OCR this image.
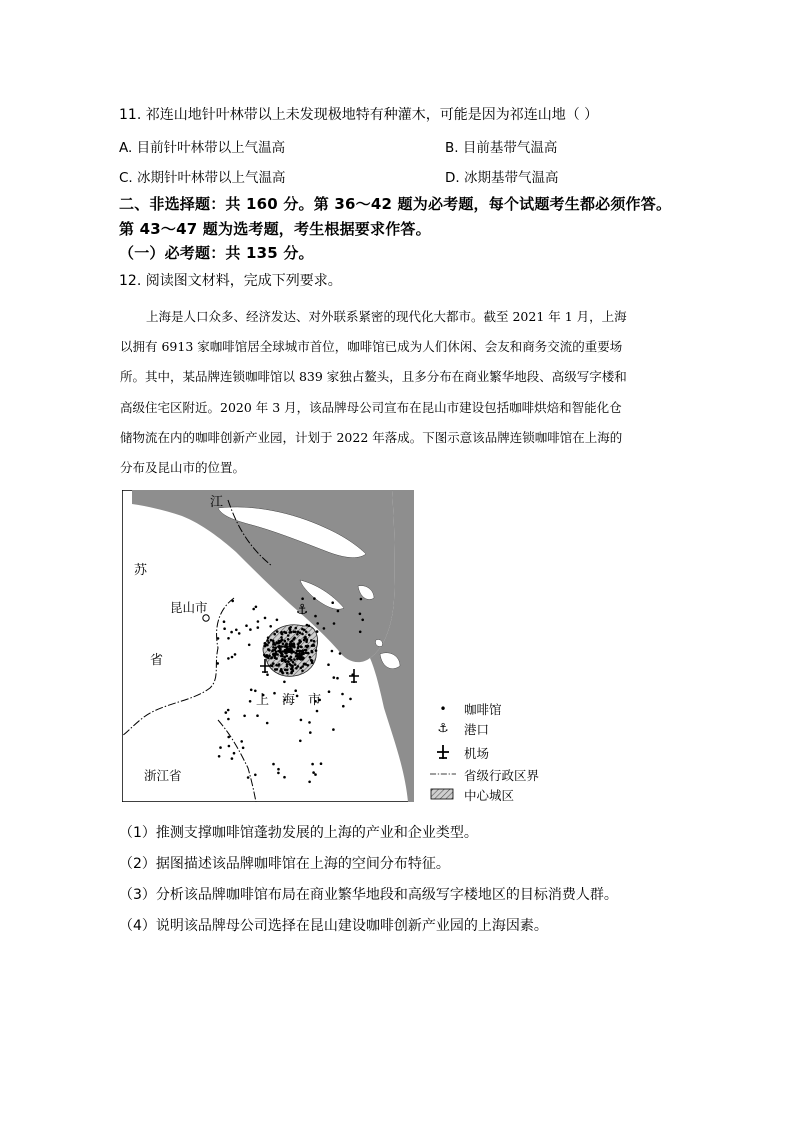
11. 祁连山地针叶林带以上未发现极地特有种灌木，可能是因为祁连山地（ ）
A. 目前针叶林带以上气温高	B. 目前基带气温高
C. 冰期针叶林带以上气温高	D. 冰期基带气温高
二、非选择题：共 160 分。第 36～42 题为必考题，每个试题考生都必须作答。
第 43～47 题为选考题，考生根据要求作答。
（一）必考题：共 135 分。
12. 阅读图文材料，完成下列要求。
上海是人口众多、经济发达、对外联系紧密的现代化大都市。截至 2021 年 1 月，上海
以拥有 6913 家咖啡馆居全球城市首位，咖啡馆已成为人们休闲、会友和商务交流的重要场
所。其中，某品牌连锁咖啡馆以 839 家独占鳌头，且多分布在商业繁华地段、高级写字楼和
高级住宅区附近。2020 年 3 月，该品牌母公司宣布在昆山市建设包括咖啡烘焙和智能化仓
储物流在内的咖啡创新产业园，计划于 2022 年落成。下图示意该品牌连锁咖啡馆在上海的
分布及昆山市的位置。
⚓
江
苏
昆山市
省
上　海　市
浙江省
•	咖啡馆
⚓	港口
机场
省级行政区界
中心城区
（1）推测支撑咖啡馆蓬勃发展的上海的产业和企业类型。
（2）据图描述该品牌咖啡馆在上海的空间分布特征。
（3）分析该品牌咖啡馆布局在商业繁华地段和高级写字楼地区的目标消费人群。
（4）说明该品牌母公司选择在昆山建设咖啡创新产业园的上海因素。
